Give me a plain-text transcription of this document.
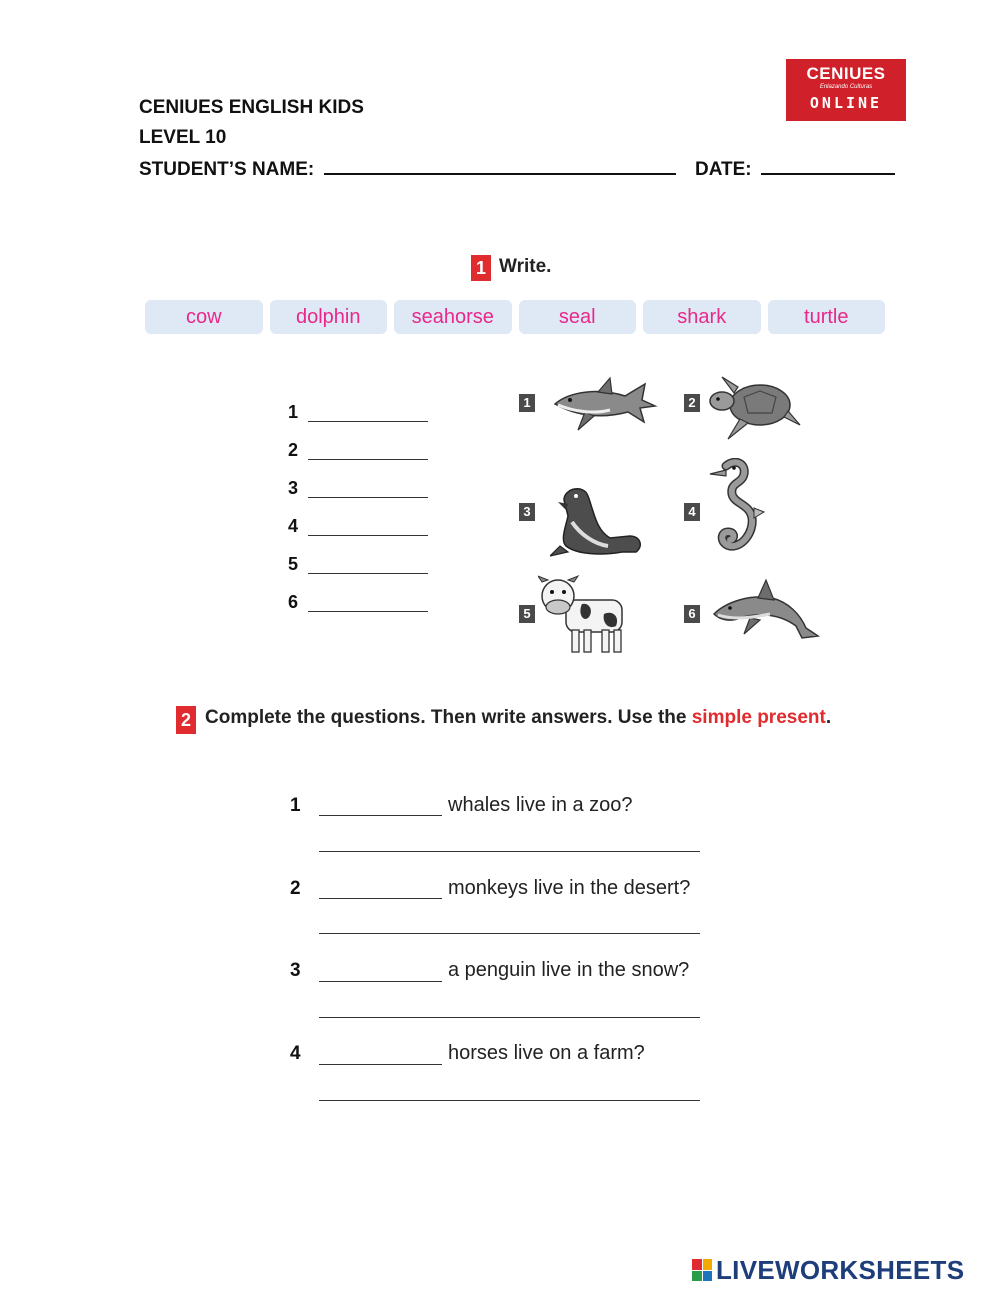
CENIUES ENGLISH KIDS
LEVEL 10
STUDENT’S NAME:	DATE:
CENIUES
Enlazando Culturas
ONLINE
1 Write.
cow	dolphin	seahorse	seal	shark	turtle
1
2
3
4
5
6
1	2
3	4
5	6
2 Complete the questions. Then write answers. Use the simple present.
1	whales live in a zoo?
2	monkeys live in the desert?
3	a penguin live in the snow?
4	horses live on a farm?
LIVEWORKSHEETS
